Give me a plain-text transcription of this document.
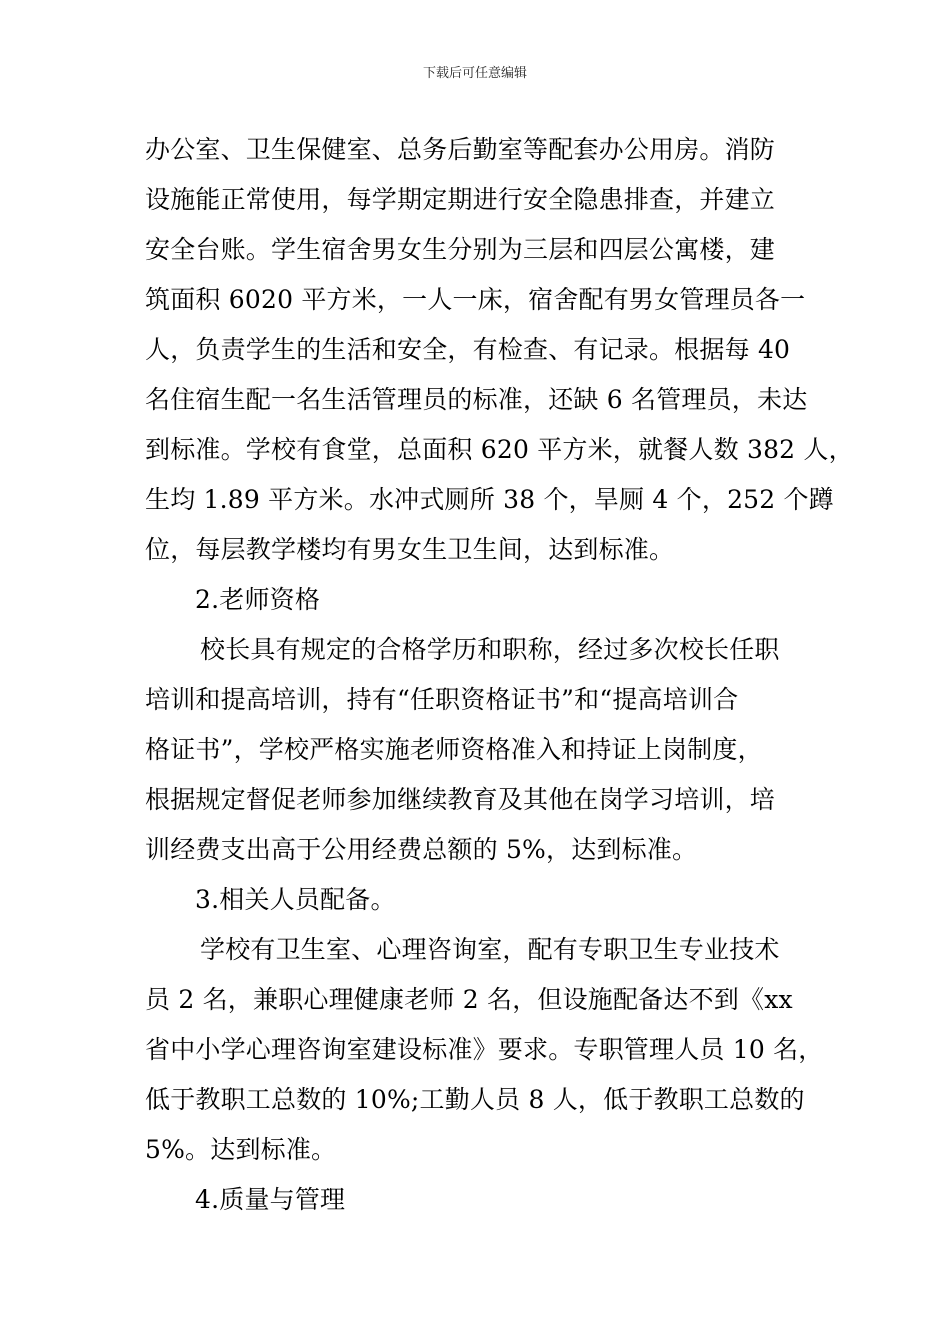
下载后可任意编辑
办公室、卫生保健室、总务后勤室等配套办公用房。消防
设施能正常使用，每学期定期进行安全隐患排查，并建立
安全台账。学生宿舍男女生分别为三层和四层公寓楼，建
筑面积 6020 平方米，一人一床，宿舍配有男女管理员各一
人，负责学生的生活和安全，有检查、有记录。根据每 40
名住宿生配一名生活管理员的标准，还缺 6 名管理员，未达
到标准。学校有食堂，总面积 620 平方米，就餐人数 382 人，
生均 1.89 平方米。水冲式厕所 38 个，旱厕 4 个，252 个蹲
位，每层教学楼均有男女生卫生间，达到标准。
2.老师资格
校长具有规定的合格学历和职称，经过多次校长任职
培训和提高培训，持有“任职资格证书”和“提高培训合
格证书”，学校严格实施老师资格准入和持证上岗制度，
根据规定督促老师参加继续教育及其他在岗学习培训，培
训经费支出高于公用经费总额的 5%，达到标准。
3.相关人员配备。
学校有卫生室、心理咨询室，配有专职卫生专业技术
员 2 名，兼职心理健康老师 2 名，但设施配备达不到《xx
省中小学心理咨询室建设标准》要求。专职管理人员 10 名，
低于教职工总数的 10%;工勤人员 8 人，低于教职工总数的
5%。达到标准。
4.质量与管理
